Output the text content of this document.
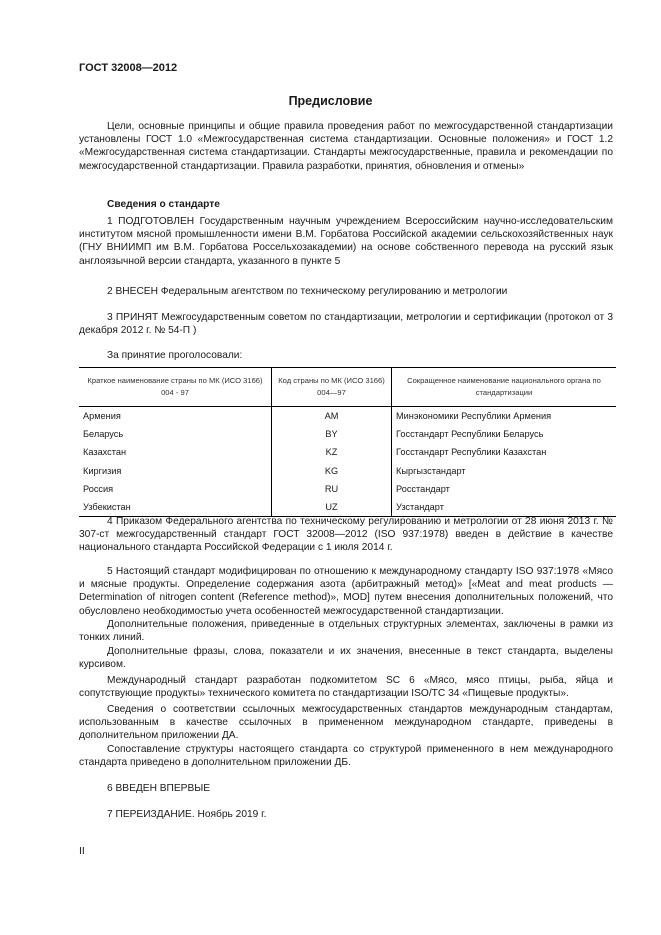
ГОСТ 32008—2012
Предисловие

Цели, основные принципы и общие правила проведения работ по межгосударственной стандартизации установлены ГОСТ 1.0 «Межгосударственная система стандартизации. Основные положения» и ГОСТ 1.2 «Межгосударственная система стандартизации. Стандарты межгосударственные, правила и рекомендации по межгосударственной стандартизации. Правила разработки, принятия, обновления и отмены»

Сведения о стандарте

1 ПОДГОТОВЛЕН Государственным научным учреждением Всероссийским научно-исследовательским институтом мясной промышленности имени В.М. Горбатова Российской академии сельскохозяйственных наук (ГНУ ВНИИМП им В.М. Горбатова Россельхозакадемии) на основе собственного перевода на русский язык англоязычной версии стандарта, указанного в пункте 5

2 ВНЕСЕН Федеральным агентством по техническому регулированию и метрологии

3 ПРИНЯТ Межгосударственным советом по стандартизации, метрологии и сертификации (протокол от 3 декабря 2012 г. № 54-П )

За принятие проголосовали:

Краткое наименование страны по МК (ИСО 3166) 004 - 97	Код страны по МК (ИСО 3166) 004—97	Сокращенное наименование национального органа по стандартизации
Армения	AM	Минэкономики Республики Армения
Беларусь	BY	Госстандарт Республики Беларусь
Казахстан	KZ	Госстандарт Республики Казахстан
Киргизия	KG	Кыргызстандарт
Россия	RU	Росстандарт
Узбекистан	UZ	Узстандарт

4 Приказом Федерального агентства по техническому регулированию и метрологии от 28 июня 2013 г. № 307-ст межгосударственный стандарт ГОСТ 32008—2012 (ISO 937:1978) введен в действие в качестве национального стандарта Российской Федерации с 1 июля 2014 г.

5 Настоящий стандарт модифицирован по отношению к международному стандарту ISO 937:1978 «Мясо и мясные продукты. Определение содержания азота (арбитражный метод)» [«Meat and meat products — Determination of nitrogen content (Reference method)», MOD] путем внесения дополнительных положений, что обусловлено необходимостью учета особенностей межгосударственной стандартизации.

Дополнительные положения, приведенные в отдельных структурных элементах, заключены в рамки из тонких линий.

Дополнительные фразы, слова, показатели и их значения, внесенные в текст стандарта, выделены курсивом.

Международный стандарт разработан подкомитетом SC 6 «Мясо, мясо птицы, рыба, яйца и сопутствующие продукты» технического комитета по стандартизации ISO/TC 34 «Пищевые продукты».

Сведения о соответствии ссылочных межгосударственных стандартов международным стандартам, использованным в качестве ссылочных в примененном международном стандарте, приведены в дополнительном приложении ДА.

Сопоставление структуры настоящего стандарта со структурой примененного в нем международного стандарта приведено в дополнительном приложении ДБ.

6 ВВЕДЕН ВПЕРВЫЕ

7 ПЕРЕИЗДАНИЕ. Ноябрь 2019 г.

II
